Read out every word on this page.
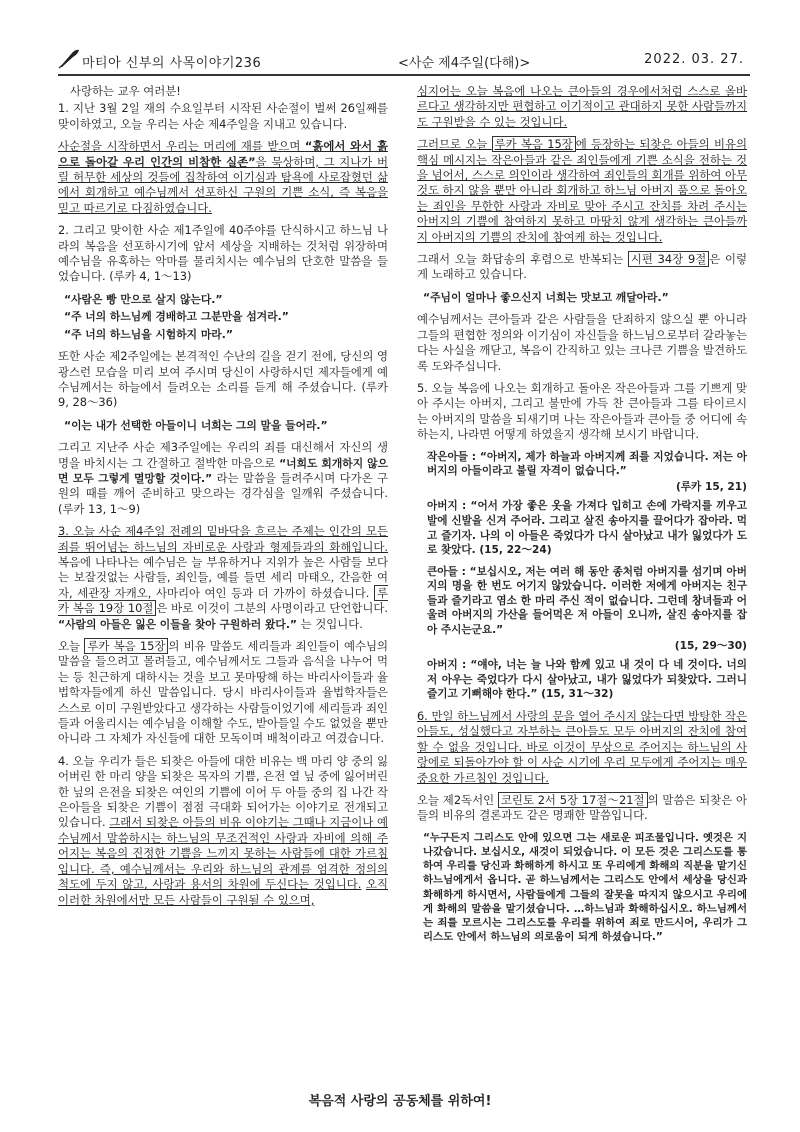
마티아 신부의 사목이야기236	<사순 제4주일(다해)>	2022. 03. 27.

사랑하는 교우 여러분!

1. 지난 3월 2일 재의 수요일부터 시작된 사순절이 벌써 26일째를 맞이하였고, 오늘 우리는 사순 제4주일을 지내고 있습니다.

사순절을 시작하면서 우리는 머리에 재를 받으며 “흙에서 와서 흙으로 돌아갈 우리 인간의 비참한 실존”을 묵상하며, 그 지나가 버릴 허무한 세상의 것들에 집착하여 이기심과 탐욕에 사로잡혔던 삶에서 회개하고 예수님께서 선포하신 구원의 기쁜 소식, 즉 복음을 믿고 따르기로 다짐하였습니다.

2. 그리고 맞이한 사순 제1주일에 40주야를 단식하시고 하느님 나라의 복음을 선포하시기에 앞서 세상을 지배하는 것처럼 위장하며 예수님을 유혹하는 악마를 물리치시는 예수님의 단호한 말씀을 들었습니다. (루카 4, 1～13)

“사람은 빵 만으로 살지 않는다.”
“주 너의 하느님께 경배하고 그분만을 섬겨라.”
“주 너의 하느님을 시험하지 마라.”

또한 사순 제2주일에는 본격적인 수난의 길을 걷기 전에, 당신의 영광스런 모습을 미리 보여 주시며 당신이 사랑하시던 제자들에게 예수님께서는 하늘에서 들려오는 소리를 듣게 해 주셨습니다. (루카 9, 28～36)

“이는 내가 선택한 아들이니 너희는 그의 말을 들어라.”

그리고 지난주 사순 제3주일에는 우리의 죄를 대신해서 자신의 생명을 바치시는 그 간절하고 절박한 마음으로 “너희도 회개하지 않으면 모두 그렇게 멸망할 것이다.” 라는 말씀을 들려주시며 다가온 구원의 때를 깨어 준비하고 맞으라는 경각심을 일깨워 주셨습니다. (루카 13, 1～9)

3. 오늘 사순 제4주일 전례의 밑바닥을 흐르는 주제는 인간의 모든 죄를 뛰어넘는 하느님의 자비로운 사랑과 형제들과의 화해입니다. 복음에 나타나는 예수님은 늘 부유하거나 지위가 높은 사람들 보다는 보잘것없는 사람들, 죄인들, 예를 들면 세리 마태오, 간음한 여자, 세관장 자캐오, 사마리아 여인 등과 더 가까이 하셨습니다. 루카 복음 19장 10절 은 바로 이것이 그분의 사명이라고 단언합니다. “사람의 아들은 잃은 이들을 찾아 구원하러 왔다.” 는 것입니다.

오늘 루카 복음 15장 의 비유 말씀도 세리들과 죄인들이 예수님의 말씀을 들으려고 몰려들고, 예수님께서도 그들과 음식을 나누어 먹는 등 친근하게 대하시는 것을 보고 못마땅해 하는 바리사이들과 율법학자들에게 하신 말씀입니다. 당시 바리사이들과 율법학자들은 스스로 이미 구원받았다고 생각하는 사람들이었기에 세리들과 죄인들과 어울리시는 예수님을 이해할 수도, 받아들일 수도 없었을 뿐만 아니라 그 자체가 자신들에 대한 모독이며 배척이라고 여겼습니다.

4. 오늘 우리가 들은 되찾은 아들에 대한 비유는 백 마리 양 중의 잃어버린 한 마리 양을 되찾은 목자의 기쁨, 은전 열 닢 중에 잃어버린 한 닢의 은전을 되찾은 여인의 기쁨에 이어 두 아들 중의 집 나간 작은아들을 되찾은 기쁨이 점점 극대화 되어가는 이야기로 전개되고 있습니다. 그래서 되찾은 아들의 비유 이야기는 그때나 지금이나 예수님께서 말씀하시는 하느님의 무조건적인 사랑과 자비에 의해 주어지는 복음의 진정한 기쁨을 느끼지 못하는 사람들에 대한 가르침입니다. 즉, 예수님께서는 우리와 하느님의 관계를 엄격한 정의의 척도에 두지 않고, 사랑과 용서의 차원에 두신다는 것입니다. 오직 이러한 차원에서만 모든 사람들이 구원될 수 있으며,

심지어는 오늘 복음에 나오는 큰아들의 경우에서처럼 스스로 올바르다고 생각하지만 편협하고 이기적이고 관대하지 못한 사람들까지도 구원받을 수 있는 것입니다.

그러므로 오늘 루카 복음 15장 에 등장하는 되찾은 아들의 비유의 핵심 메시지는 작은아들과 같은 죄인들에게 기쁜 소식을 전하는 것을 넘어서, 스스로 의인이라 생각하여 죄인들의 회개를 위하여 아무것도 하지 않을 뿐만 아니라 회개하고 하느님 아버지 품으로 돌아오는 죄인을 무한한 사랑과 자비로 맞아 주시고 잔치를 차려 주시는 아버지의 기쁨에 참여하지 못하고 마땅치 않게 생각하는 큰아들까지 아버지의 기쁨의 잔치에 참여케 하는 것입니다.

그래서 오늘 화답송의 후렴으로 반복되는 시편 34장 9절 은 이렇게 노래하고 있습니다.

“주님이 얼마나 좋으신지 너희는 맛보고 깨달아라.”

예수님께서는 큰아들과 같은 사람들을 단죄하지 않으실 뿐 아니라 그들의 편협한 정의와 이기심이 자신들을 하느님으로부터 갈라놓는다는 사실을 깨닫고, 복음이 간직하고 있는 크나큰 기쁨을 발견하도록 도와주십니다.

5. 오늘 복음에 나오는 회개하고 돌아온 작은아들과 그를 기쁘게 맞아 주시는 아버지, 그리고 불만에 가득 찬 큰아들과 그를 타이르시는 아버지의 말씀을 되새기며 나는 작은아들과 큰아들 중 어디에 속하는지, 나라면 어떻게 하였을지 생각해 보시기 바랍니다.

작은아들 : “아버지, 제가 하늘과 아버지께 죄를 지었습니다. 저는 아버지의 아들이라고 불릴 자격이 없습니다.”

(루카 15, 21)

아버지 : “어서 가장 좋은 옷을 가져다 입히고 손에 가락지를 끼우고 발에 신발을 신겨 주어라. 그리고 살진 송아지를 끌어다가 잡아라. 먹고 즐기자. 나의 이 아들은 죽었다가 다시 살아났고 내가 잃었다가 도로 찾았다. (15, 22～24)

큰아들 : “보십시오, 저는 여러 해 동안 종처럼 아버지를 섬기며 아버지의 명을 한 번도 어기지 않았습니다. 이러한 저에게 아버지는 친구들과 즐기라고 염소 한 마리 주신 적이 없습니다. 그런데 창녀들과 어울려 아버지의 가산을 들어먹은 저 아들이 오니까, 살진 송아지를 잡아 주시는군요.”

(15, 29～30)

아버지 : “얘야, 너는 늘 나와 함께 있고 내 것이 다 네 것이다. 너의 저 아우는 죽었다가 다시 살아났고, 내가 잃었다가 되찾았다. 그러니 즐기고 기뻐해야 한다.” (15, 31～32)

6. 만일 하느님께서 사랑의 문을 열어 주시지 않는다면 방탕한 작은 아들도, 성실했다고 자부하는 큰아들도 모두 아버지의 잔치에 참여할 수 없을 것입니다. 바로 이것이 무상으로 주어지는 하느님의 사랑에로 되돌아가야 할 이 사순 시기에 우리 모두에게 주어지는 매우 중요한 가르침인 것입니다.

오늘 제2독서인 코린토 2서 5장 17절～21절 의 말씀은 되찾은 아들의 비유의 결론과도 같은 명쾌한 말씀입니다.

“누구든지 그리스도 안에 있으면 그는 새로운 피조물입니다. 옛것은 지나갔습니다. 보십시오, 새것이 되었습니다. 이 모든 것은 그리스도를 통하여 우리를 당신과 화해하게 하시고 또 우리에게 화해의 직분을 맡기신 하느님에게서 옵니다. 곧 하느님께서는 그리스도 안에서 세상을 당신과 화해하게 하시면서, 사람들에게 그들의 잘못을 따지지 않으시고 우리에게 화해의 말씀을 맡기셨습니다. …하느님과 화해하십시오. 하느님께서는 죄를 모르시는 그리스도를 우리를 위하여 죄로 만드시어, 우리가 그리스도 안에서 하느님의 의로움이 되게 하셨습니다.”

복음적 사랑의 공동체를 위하여!
